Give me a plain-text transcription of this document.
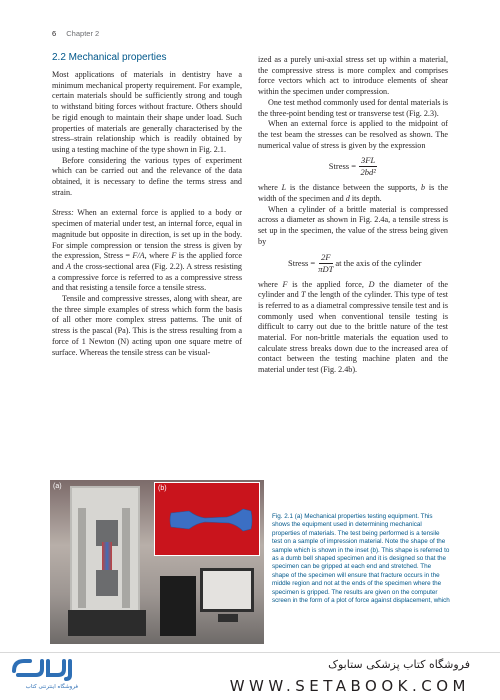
6 Chapter 2
2.2 Mechanical properties

Most applications of materials in dentistry have a minimum mechanical property requirement. For example, certain materials should be sufficiently strong and tough to withstand biting forces without fracture. Others should be rigid enough to maintain their shape under load. Such properties of materials are generally characterised by the stress–strain relationship which is readily obtained by using a testing machine of the type shown in Fig. 2.1.

Before considering the various types of experiment which can be carried out and the relevance of the data obtained, it is necessary to define the terms stress and strain.

Stress: When an external force is applied to a body or specimen of material under test, an internal force, equal in magnitude but opposite in direction, is set up in the body. For simple compression or tension the stress is given by the expression, Stress = F/A, where F is the applied force and A the cross-sectional area (Fig. 2.2). A stress resisting a compressive force is referred to as a compressive stress and that resisting a tensile force a tensile stress.

Tensile and compressive stresses, along with shear, are the three simple examples of stress which form the basis of all other more complex stress patterns. The unit of stress is the pascal (Pa). This is the stress resulting from a force of 1 Newton (N) acting upon one square metre of surface. Whereas the tensile stress can be visual-

ized as a purely uni-axial stress set up within a material, the compressive stress is more complex and comprises force vectors which act to introduce elements of shear within the specimen under compression.

One test method commonly used for dental materials is the three-point bending test or transverse test (Fig. 2.3).

When an external force is applied to the midpoint of the test beam the stresses can be resolved as shown. The numerical value of stress is given by the expression

Stress = $\frac{3FL}{\text{2bd²}}$

where L is the distance between the supports, b is the width of the specimen and d its depth.

When a cylinder of a brittle material is compressed across a diameter as shown in Fig. 2.4a, a tensile stress is set up in the specimen, the value of the stress being given by

Stress = $\frac{2F}{\text{πDT}}$ at the axis of the cylinder

where F is the applied force, D the diameter of the cylinder and T the length of the cylinder. This type of test is referred to as a diametral compressive tensile test and is commonly used when conventional tensile testing is difficult to carry out due to the brittle nature of the test material. For non-brittle materials the equation used to calculate stress breaks down due to the increased area of contact between the testing machine platen and the material under test (Fig. 2.4b).

(a)	(b)
Fig. 2.1 (a) Mechanical properties testing equipment. This shows the equipment used in determining mechanical properties of materials. The test being performed is a tensile test on a sample of impression material. Note the shape of the sample which is shown in the inset (b). This shape is referred to as a dumb bell shaped specimen and it is designed so that the specimen can be gripped at each end and stretched. The shape of the specimen will ensure that fracture occurs in the middle region and not at the ends of the specimen where the specimen is gripped. The results are given on the computer screen in the form of a plot of force against displacement, which
فروشگاه اینترنتی کتاب
فروشگاه کتاب پزشکی ستابوک
WWW.SETABOOK.COM
